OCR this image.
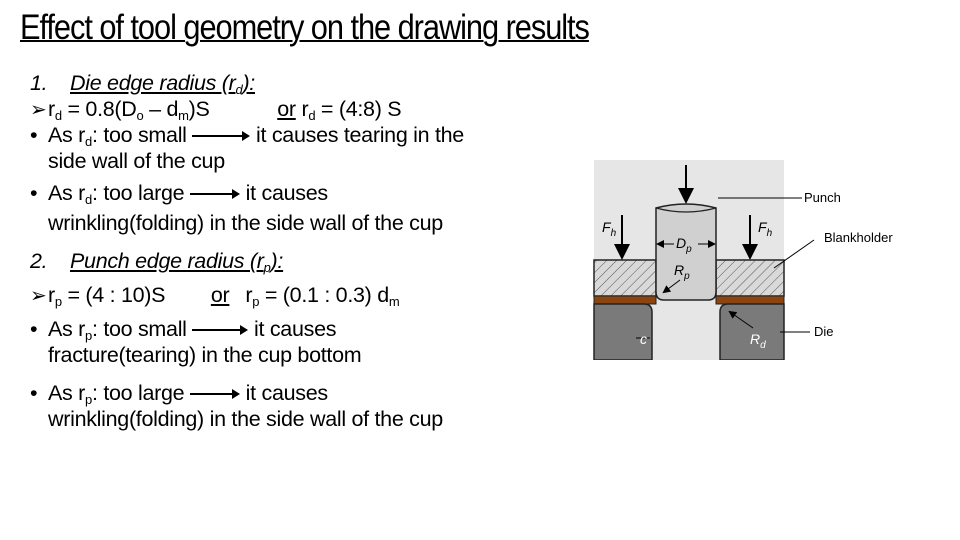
Effect of tool geometry on the drawing results
1. Die edge radius $(r_d)$:
$➢r_d = 0.8(D_o - d_m)S$	or $r_d$ = (4:8) S
• As $r_d$: too small	it causes tearing in the
side wall of the cup
• As $r_d$: too large	it causes
wrinkling(folding) in the side wall of the cup
2. Punch edge radius $(r_p)$:
$➢r_p = (4$ : 10)S or $r_p = (0.1$ : 0.3) $d_m$
• As $r_p$: too small	it causes
fracture(tearing) in the cup bottom
• As $r_p$: too large	it causes
wrinkling(folding) in the side wall of the cup
$D_p$
$R_p$
$F_h$	$F_h$
c	$R_d$
Punch
Blankholder
Die
